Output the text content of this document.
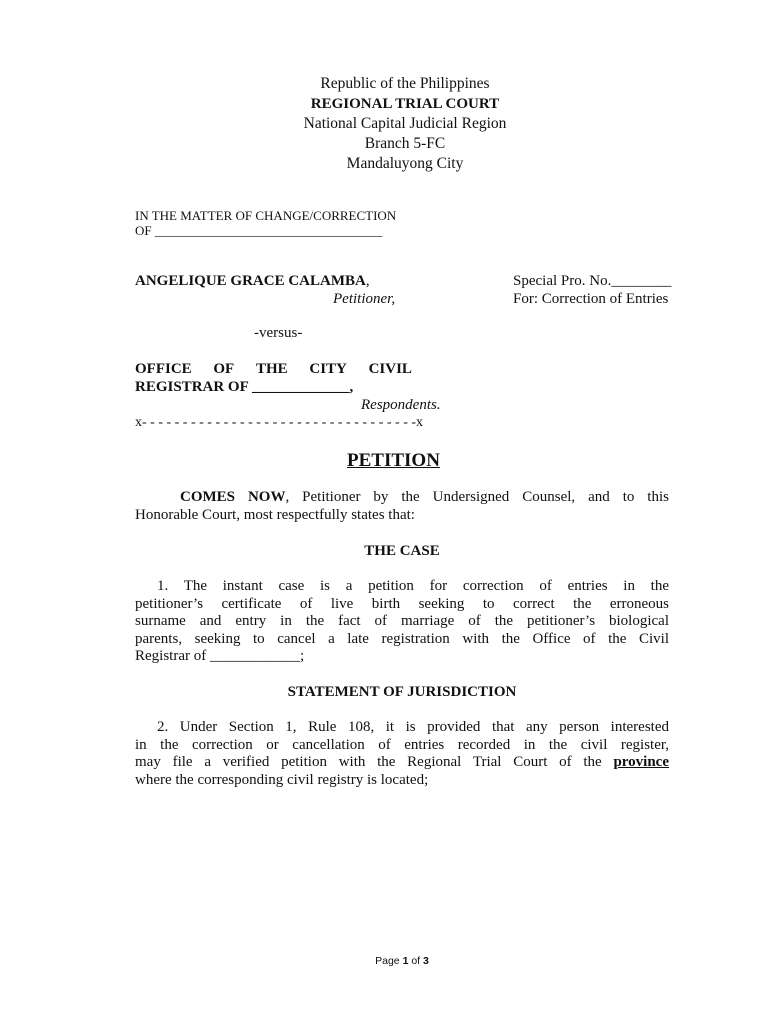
Republic of the Philippines
REGIONAL TRIAL COURT
National Capital Judicial Region
Branch 5-FC
Mandaluyong City
IN THE MATTER OF CHANGE/CORRECTION
OF ___________________________________
ANGELIQUE GRACE CALAMBA,
Petitioner,
Special Pro. No.________
For: Correction of Entries
-versus-
OFFICE OF THE CITY CIVIL
REGISTRAR OF _____________,
Respondents.
x- - - - - - - - - - - - - - - - - - - - - - - - - - - - - - - - - -x
PETITION
COMES NOW, Petitioner by the Undersigned Counsel, and to this
Honorable Court, most respectfully states that:
THE CASE
1. The instant case is a petition for correction of entries in the
petitioner’s certificate of live birth seeking to correct the erroneous
surname and entry in the fact of marriage of the petitioner’s biological
parents, seeking to cancel a late registration with the Office of the Civil
Registrar of ____________;
STATEMENT OF JURISDICTION
2. Under Section 1, Rule 108, it is provided that any person interested
in the correction or cancellation of entries recorded in the civil register,
may file a verified petition with the Regional Trial Court of the province
where the corresponding civil registry is located;
Page 1 of 3
